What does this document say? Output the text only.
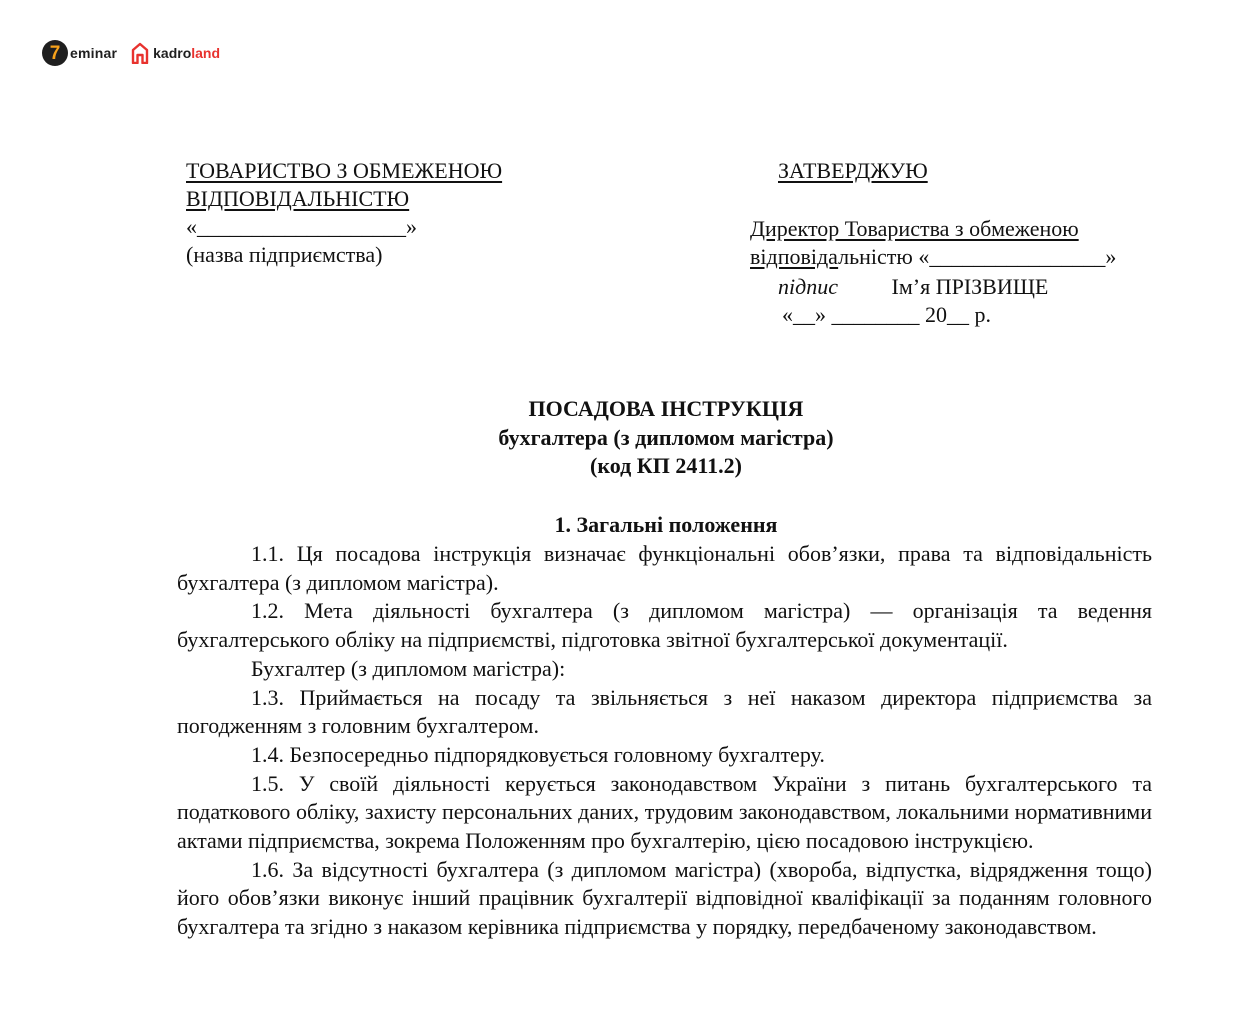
7 eminar	kadro land
ТОВАРИСТВО З ОБМЕЖЕНОЮ
ВІДПОВІДАЛЬНІСТЮ
«___________________»
(назва підприємства)
ЗАТВЕРДЖУЮ
Директор Товариства з обмеженою
відповідальністю «________________»
підпис Ім’я ПРІЗВИЩЕ
«__» ________ 20__ р.
ПОСАДОВА ІНСТРУКЦІЯ
бухгалтера (з дипломом магістра)
(код КП 2411.2)
1. Загальні положення

1.1. Ця посадова інструкція визначає функціональні обов’язки, права та відповідальність бухгалтера (з дипломом магістра).

1.2. Мета діяльності бухгалтера (з дипломом магістра) — організація та ведення бухгалтерського обліку на підприємстві, підготовка звітної бухгалтерської документації.

Бухгалтер (з дипломом магістра):

1.3. Приймається на посаду та звільняється з неї наказом директора підприємства за погодженням з головним бухгалтером.

1.4. Безпосередньо підпорядковується головному бухгалтеру.

1.5. У своїй діяльності керується законодавством України з питань бухгалтерського та податкового обліку, захисту персональних даних, трудовим законодавством, локальними нормативними актами підприємства, зокрема Положенням про бухгалтерію, цією посадовою інструкцією.

1.6. За відсутності бухгалтера (з дипломом магістра) (хвороба, відпустка, відрядження тощо) його обов’язки виконує інший працівник бухгалтерії відповідної кваліфікації за поданням головного бухгалтера та згідно з наказом керівника підприємства у порядку, передбаченому законодавством.
